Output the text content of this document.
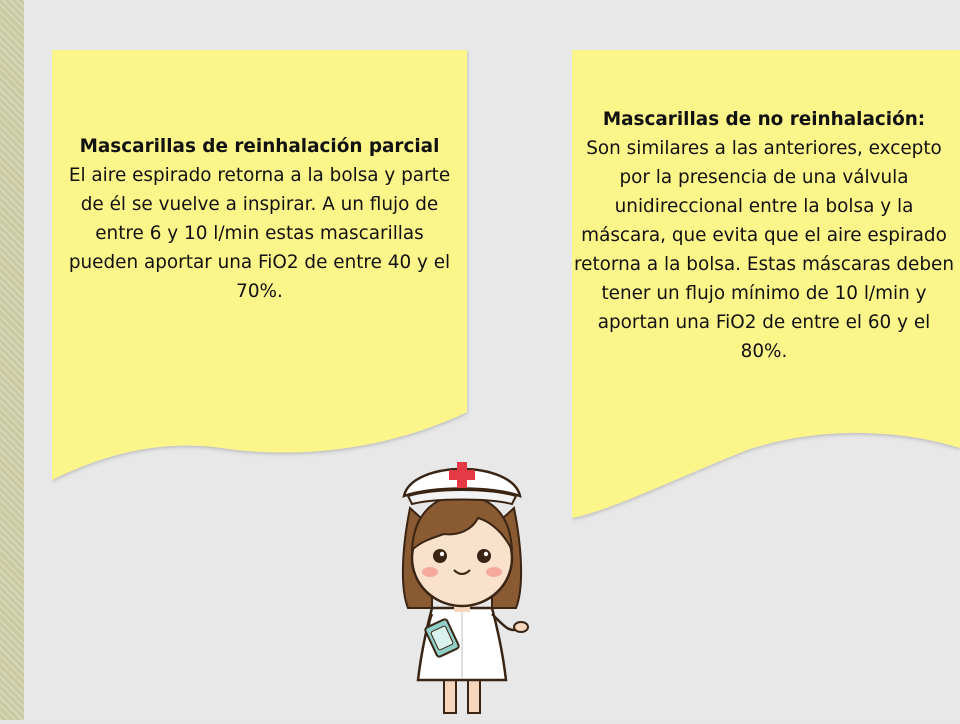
Mascarillas de reinhalación parcial
El aire espirado retorna a la bolsa y parte de él se vuelve a inspirar. A un flujo de entre 6 y 10 l/min estas mascarillas pueden aportar una FiO2 de entre 40 y el 70%.
Mascarillas de no reinhalación:
Son similares a las anteriores, excepto por la presencia de una válvula unidireccional entre la bolsa y la máscara, que evita que el aire espirado retorna a la bolsa. Estas máscaras deben tener un flujo mínimo de 10 l/min y aportan una FiO2 de entre el 60 y el 80%.
